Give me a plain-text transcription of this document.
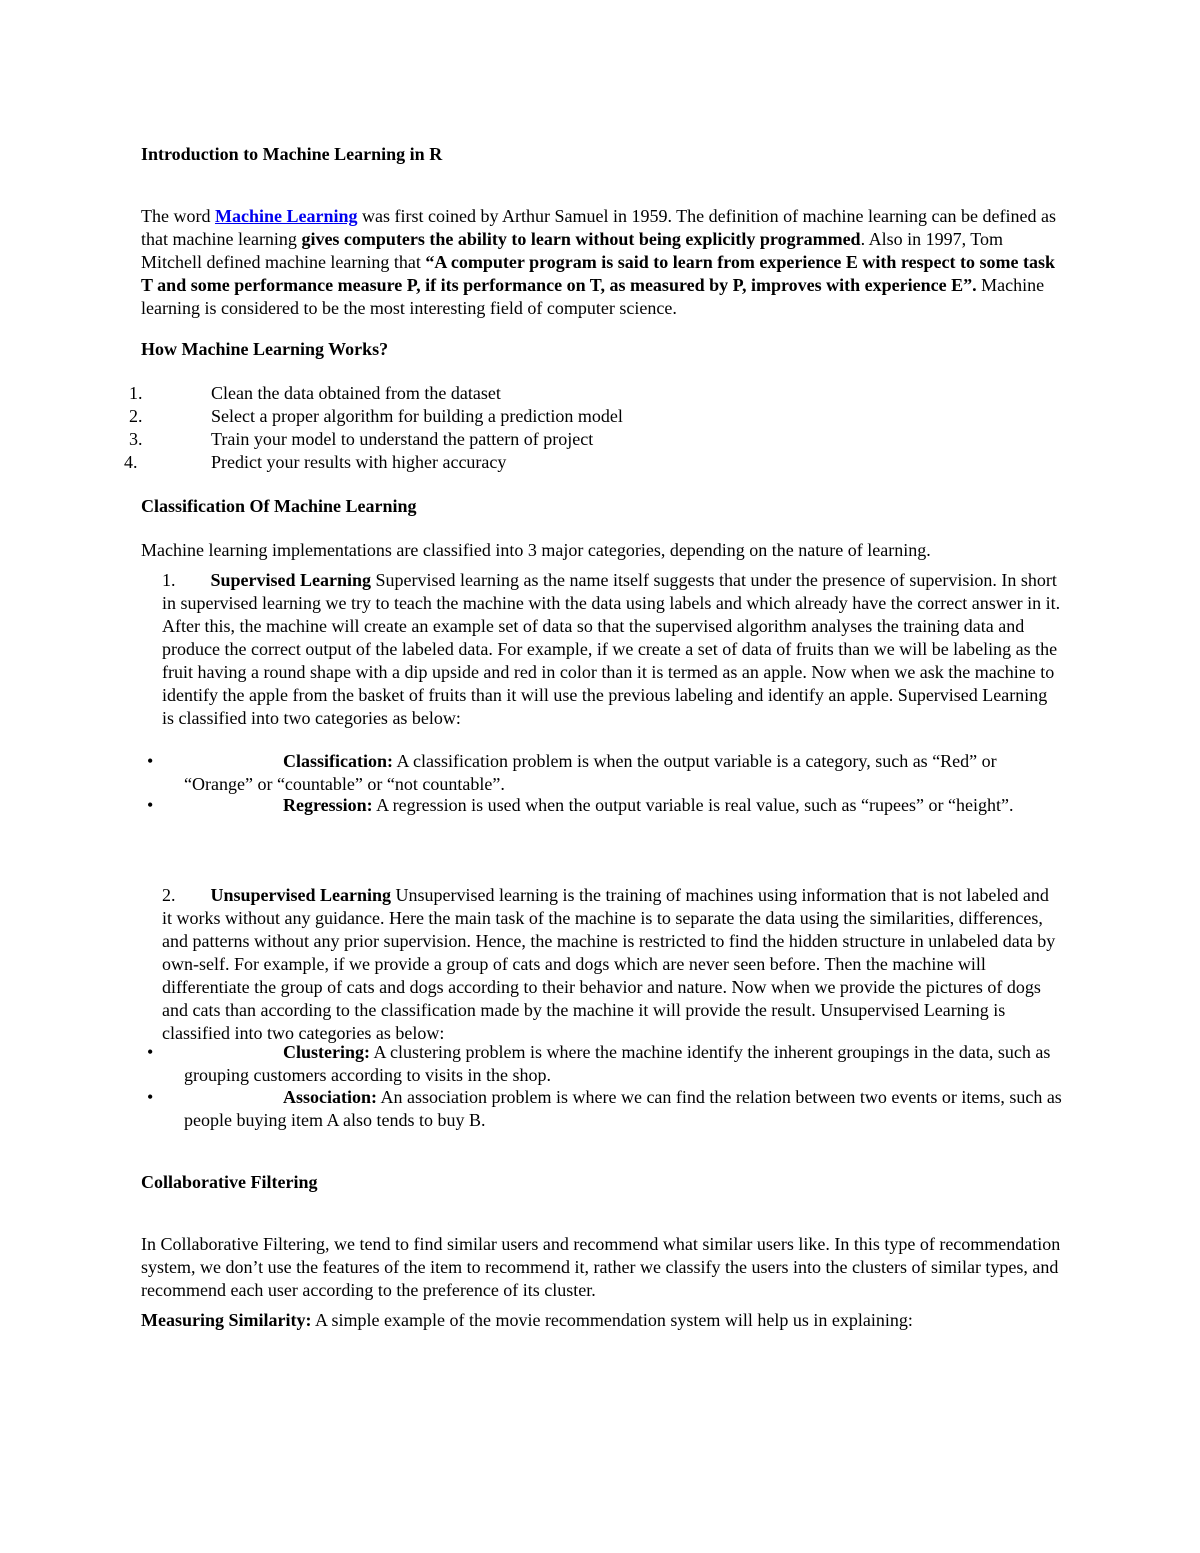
Introduction to Machine Learning in R
The word Machine Learning was first coined by Arthur Samuel in 1959. The definition of machine learning can be defined as that machine learning gives computers the ability to learn without being explicitly programmed. Also in 1997, Tom Mitchell defined machine learning that “A computer program is said to learn from experience E with respect to some task T and some performance measure P, if its performance on T, as measured by P, improves with experience E”. Machine learning is considered to be the most interesting field of computer science.
How Machine Learning Works?
1.	Clean the data obtained from the dataset
2.	Select a proper algorithm for building a prediction model
3.	Train your model to understand the pattern of project
4.	Predict your results with higher accuracy
Classification Of Machine Learning
Machine learning implementations are classified into 3 major categories, depending on the nature of learning.
1. Supervised Learning Supervised learning as the name itself suggests that under the presence of supervision. In short in supervised learning we try to teach the machine with the data using labels and which already have the correct answer in it. After this, the machine will create an example set of data so that the supervised algorithm analyses the training data and produce the correct output of the labeled data. For example, if we create a set of data of fruits than we will be labeling as the fruit having a round shape with a dip upside and red in color than it is termed as an apple. Now when we ask the machine to identify the apple from the basket of fruits than it will use the previous labeling and identify an apple. Supervised Learning is classified into two categories as below:
•	Classification: A classification problem is when the output variable is a category, such as “Red” or “Orange” or “countable” or “not countable”.
•	Regression: A regression is used when the output variable is real value, such as “rupees” or “height”.
2. Unsupervised Learning Unsupervised learning is the training of machines using information that is not labeled and it works without any guidance. Here the main task of the machine is to separate the data using the similarities, differences, and patterns without any prior supervision. Hence, the machine is restricted to find the hidden structure in unlabeled data by own-self. For example, if we provide a group of cats and dogs which are never seen before. Then the machine will differentiate the group of cats and dogs according to their behavior and nature. Now when we provide the pictures of dogs and cats than according to the classification made by the machine it will provide the result. Unsupervised Learning is classified into two categories as below:
•	Clustering: A clustering problem is where the machine identify the inherent groupings in the data, such as grouping customers according to visits in the shop.
•	Association: An association problem is where we can find the relation between two events or items, such as people buying item A also tends to buy B.
Collaborative Filtering
In Collaborative Filtering, we tend to find similar users and recommend what similar users like. In this type of recommendation system, we don’t use the features of the item to recommend it, rather we classify the users into the clusters of similar types, and recommend each user according to the preference of its cluster.
Measuring Similarity: A simple example of the movie recommendation system will help us in explaining:
